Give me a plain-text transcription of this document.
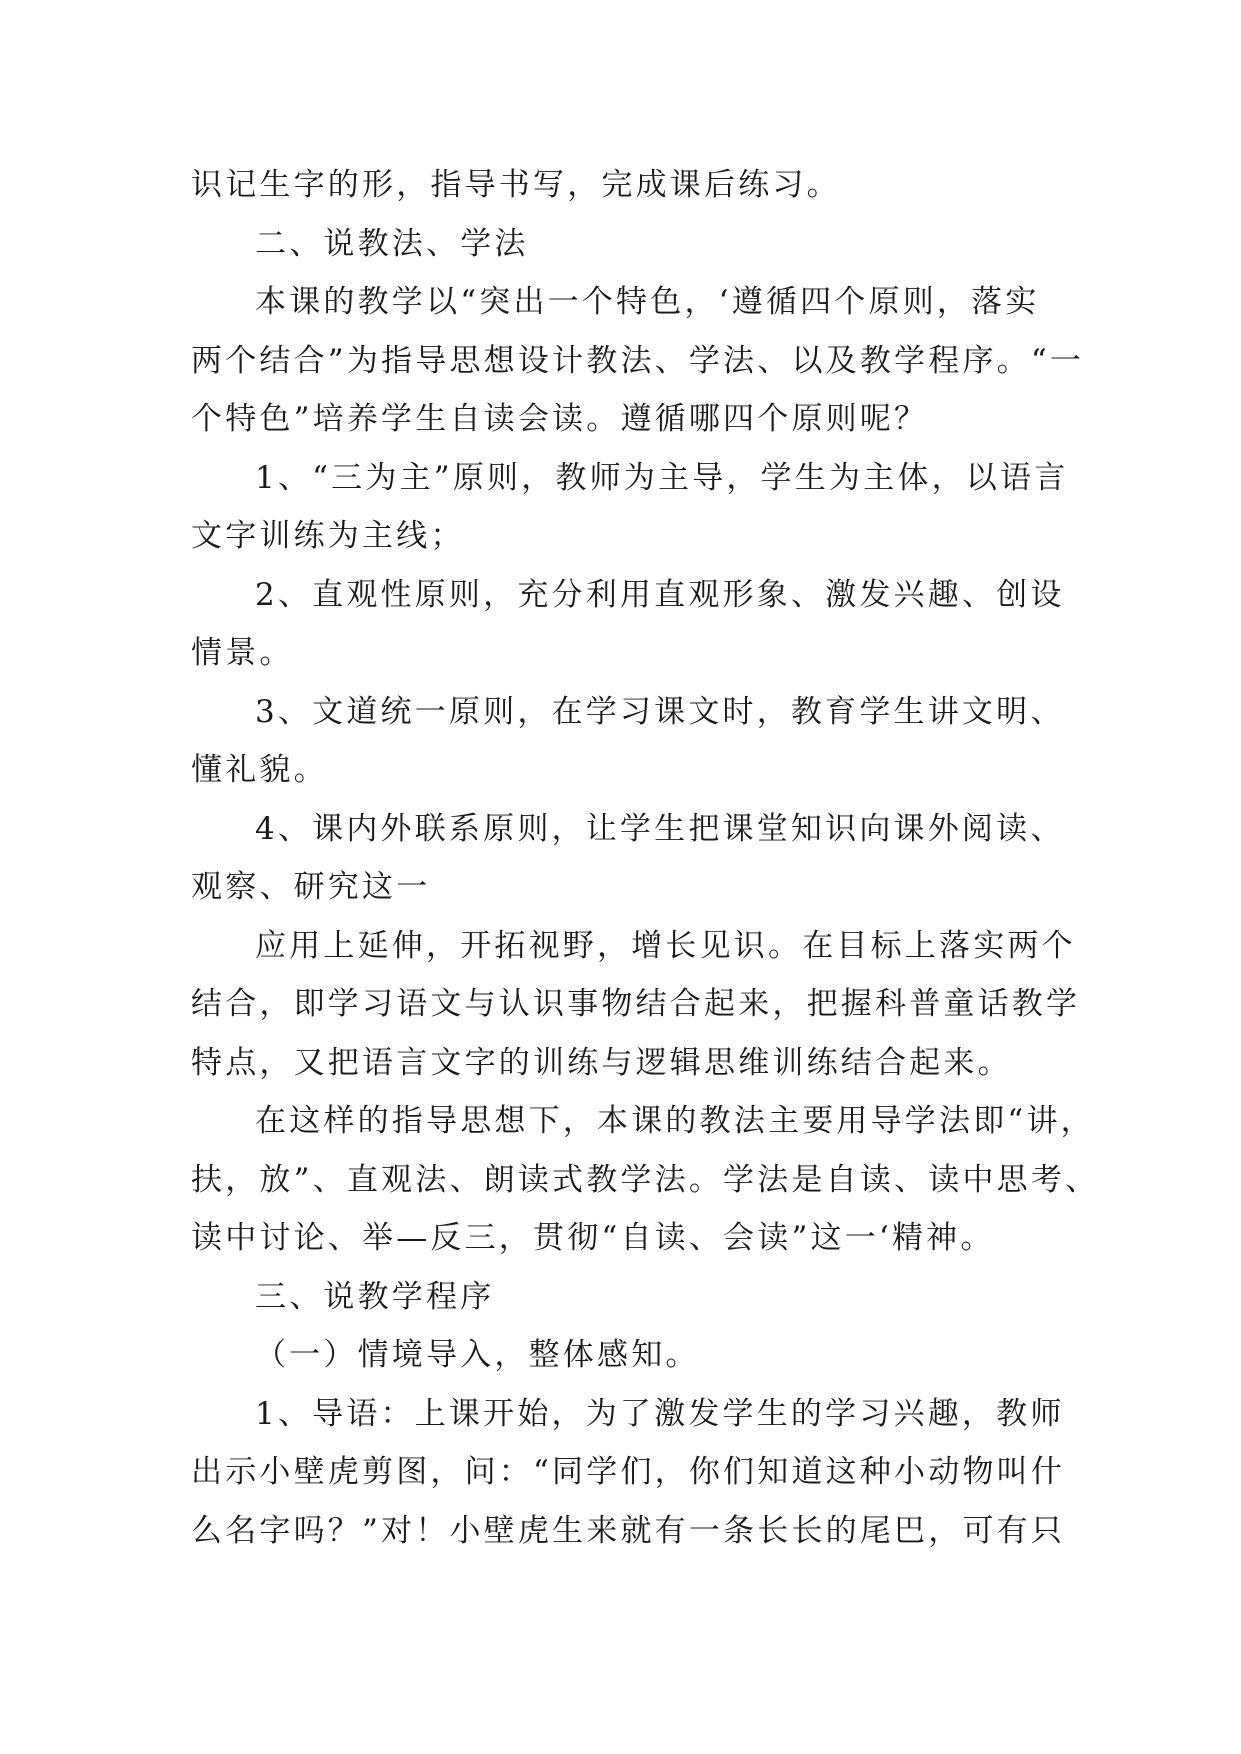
识记生字的形，指导书写，完成课后练习。
二、说教法、学法
本课的教学以“突出一个特色，‘遵循四个原则，落实
两个结合”为指导思想设计教法、学法、以及教学程序。“一
个特色”培养学生自读会读。遵循哪四个原则呢？
1、“三为主”原则，教师为主导，学生为主体，以语言
文字训练为主线；
2、直观性原则，充分利用直观形象、激发兴趣、创设
情景。
3、文道统一原则，在学习课文时，教育学生讲文明、
懂礼貌。
4、课内外联系原则，让学生把课堂知识向课外阅读、
观察、研究这一
应用上延伸，开拓视野，增长见识。在目标上落实两个
结合，即学习语文与认识事物结合起来，把握科普童话教学
特点，又把语言文字的训练与逻辑思维训练结合起来。
在这样的指导思想下，本课的教法主要用导学法即“讲，
扶，放”、直观法、朗读式教学法。学法是自读、读中思考、
读中讨论、举—反三，贯彻“自读、会读”这一‘精神。
三、说教学程序
（一）情境导入，整体感知。
1、导语：上课开始，为了激发学生的学习兴趣，教师
出示小壁虎剪图，问：“同学们，你们知道这种小动物叫什
么名字吗？”对！小壁虎生来就有一条长长的尾巴，可有只
